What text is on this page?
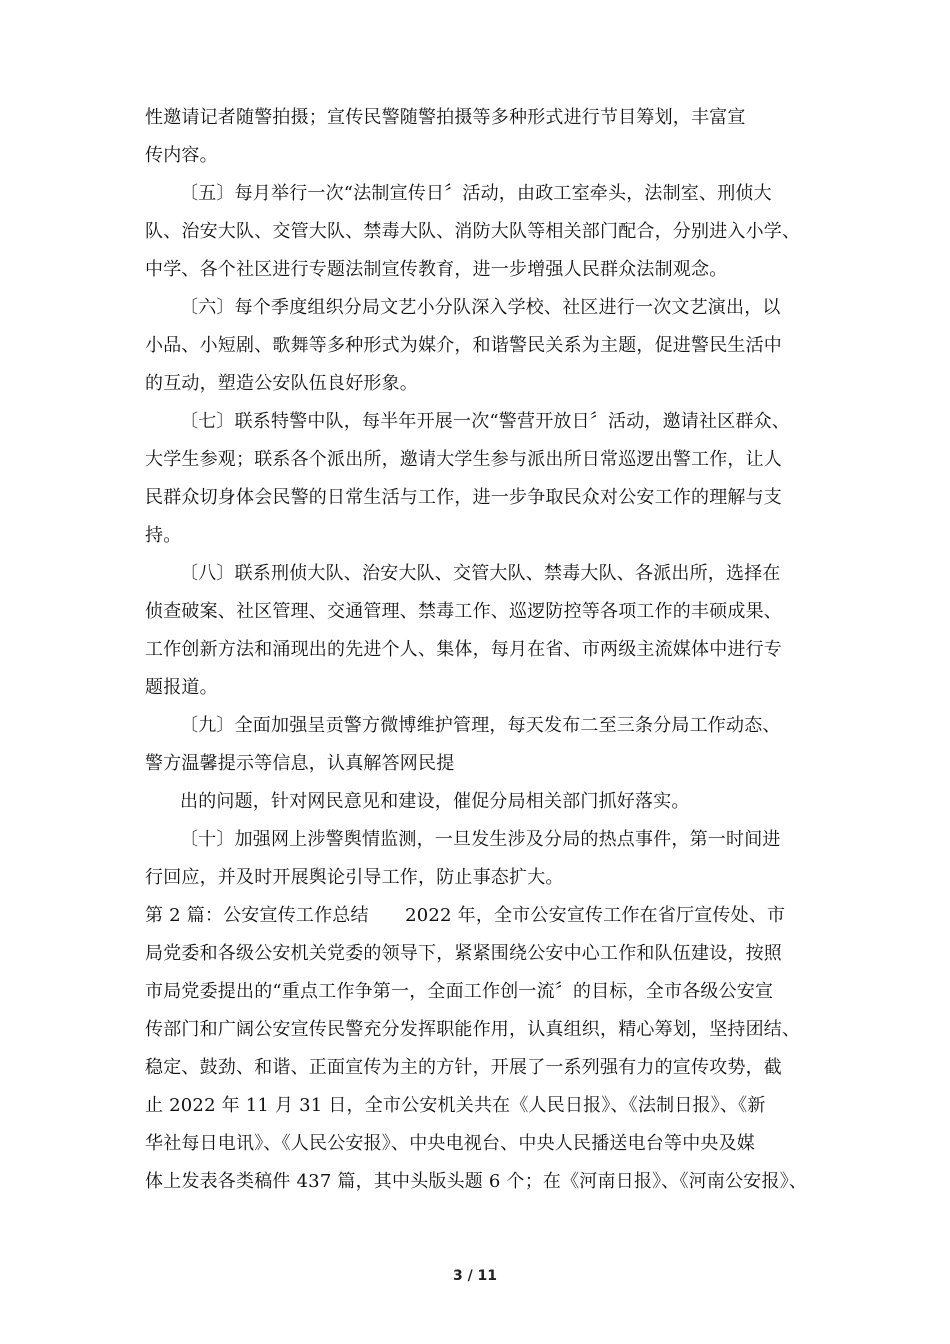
性邀请记者随警拍摄；宣传民警随警拍摄等多种形式进行节目筹划，丰富宣
传内容。
〔五〕每月举行一次“法制宣传日〞活动，由政工室牵头，法制室、刑侦大
队、治安大队、交管大队、禁毒大队、消防大队等相关部门配合，分别进入小学、
中学、各个社区进行专题法制宣传教育，进一步增强人民群众法制观念。
〔六〕每个季度组织分局文艺小分队深入学校、社区进行一次文艺演出，以
小品、小短剧、歌舞等多种形式为媒介，和谐警民关系为主题，促进警民生活中
的互动，塑造公安队伍良好形象。
〔七〕联系特警中队，每半年开展一次“警营开放日〞活动，邀请社区群众、
大学生参观；联系各个派出所，邀请大学生参与派出所日常巡逻出警工作，让人
民群众切身体会民警的日常生活与工作，进一步争取民众对公安工作的理解与支
持。
〔八〕联系刑侦大队、治安大队、交管大队、禁毒大队、各派出所，选择在
侦查破案、社区管理、交通管理、禁毒工作、巡逻防控等各项工作的丰硕成果、
工作创新方法和涌现出的先进个人、集体，每月在省、市两级主流媒体中进行专
题报道。
〔九〕全面加强呈贡警方微博维护管理，每天发布二至三条分局工作动态、
警方温馨提示等信息，认真解答网民提
出的问题，针对网民意见和建设，催促分局相关部门抓好落实。
〔十〕加强网上涉警舆情监测，一旦发生涉及分局的热点事件，第一时间进
行回应，并及时开展舆论引导工作，防止事态扩大。
第 2 篇：公安宣传工作总结　　2022 年，全市公安宣传工作在省厅宣传处、市
局党委和各级公安机关党委的领导下，紧紧围绕公安中心工作和队伍建设，按照
市局党委提出的“重点工作争第一，全面工作创一流〞的目标，全市各级公安宣
传部门和广阔公安宣传民警充分发挥职能作用，认真组织，精心筹划，坚持团结、
稳定、鼓劲、和谐、正面宣传为主的方针，开展了一系列强有力的宣传攻势，截
止 2022 年 11 月 31 日，全市公安机关共在《人民日报》、《法制日报》、《新
华社每日电讯》、《人民公安报》、中央电视台、中央人民播送电台等中央及媒
体上发表各类稿件 437 篇，其中头版头题 6 个；在《河南日报》、《河南公安报》、
3 / 11
